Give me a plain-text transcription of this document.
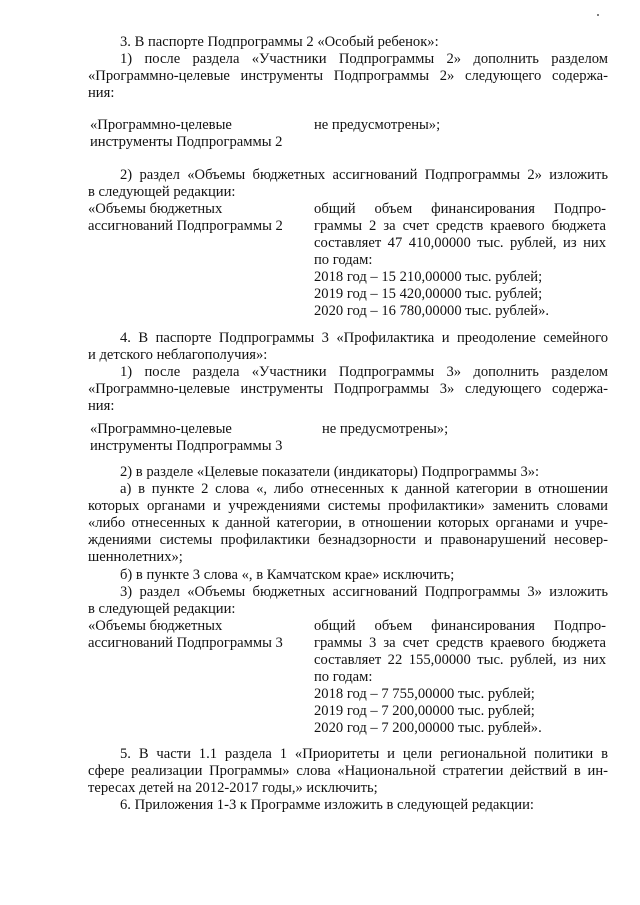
3. В паспорте Подпрограммы 2 «Особый ребенок»:
1) после раздела «Участники Подпрограммы 2» дополнить разделом
«Программно-целевые инструменты Подпрограммы 2» следующего содержа-
ния:
«Программно-целевые
инструменты Подпрограммы 2
не предусмотрены»;
2) раздел «Объемы бюджетных ассигнований Подпрограммы 2» изложить
в следующей редакции:
«Объемы бюджетных
ассигнований Подпрограммы 2
общий объем финансирования Подпро-
граммы 2 за счет средств краевого бюджета
составляет 47 410,00000 тыс. рублей, из них
по годам:
2018 год – 15 210,00000 тыс. рублей;
2019 год – 15 420,00000 тыс. рублей;
2020 год – 16 780,00000 тыс. рублей».
4. В паспорте Подпрограммы 3 «Профилактика и преодоление семейного
и детского неблагополучия»:
1) после раздела «Участники Подпрограммы 3» дополнить разделом
«Программно-целевые инструменты Подпрограммы 3» следующего содержа-
ния:
«Программно-целевые
инструменты Подпрограммы 3
не предусмотрены»;
2) в разделе «Целевые показатели (индикаторы) Подпрограммы 3»:
а) в пункте 2 слова «, либо отнесенных к данной категории в отношении
которых органами и учреждениями системы профилактики» заменить словами
«либо отнесенных к данной категории, в отношении которых органами и учре-
ждениями системы профилактики безнадзорности и правонарушений несовер-
шеннолетних»;
б) в пункте 3 слова «, в Камчатском крае» исключить;
3) раздел «Объемы бюджетных ассигнований Подпрограммы 3» изложить
в следующей редакции:
«Объемы бюджетных
ассигнований Подпрограммы 3
общий объем финансирования Подпро-
граммы 3 за счет средств краевого бюджета
составляет 22 155,00000 тыс. рублей, из них
по годам:
2018 год – 7 755,00000 тыс. рублей;
2019 год – 7 200,00000 тыс. рублей;
2020 год – 7 200,00000 тыс. рублей».
5. В части 1.1 раздела 1 «Приоритеты и цели региональной политики в
сфере реализации Программы» слова «Национальной стратегии действий в ин-
тересах детей на 2012-2017 годы,» исключить;
6. Приложения 1-3 к Программе изложить в следующей редакции:
